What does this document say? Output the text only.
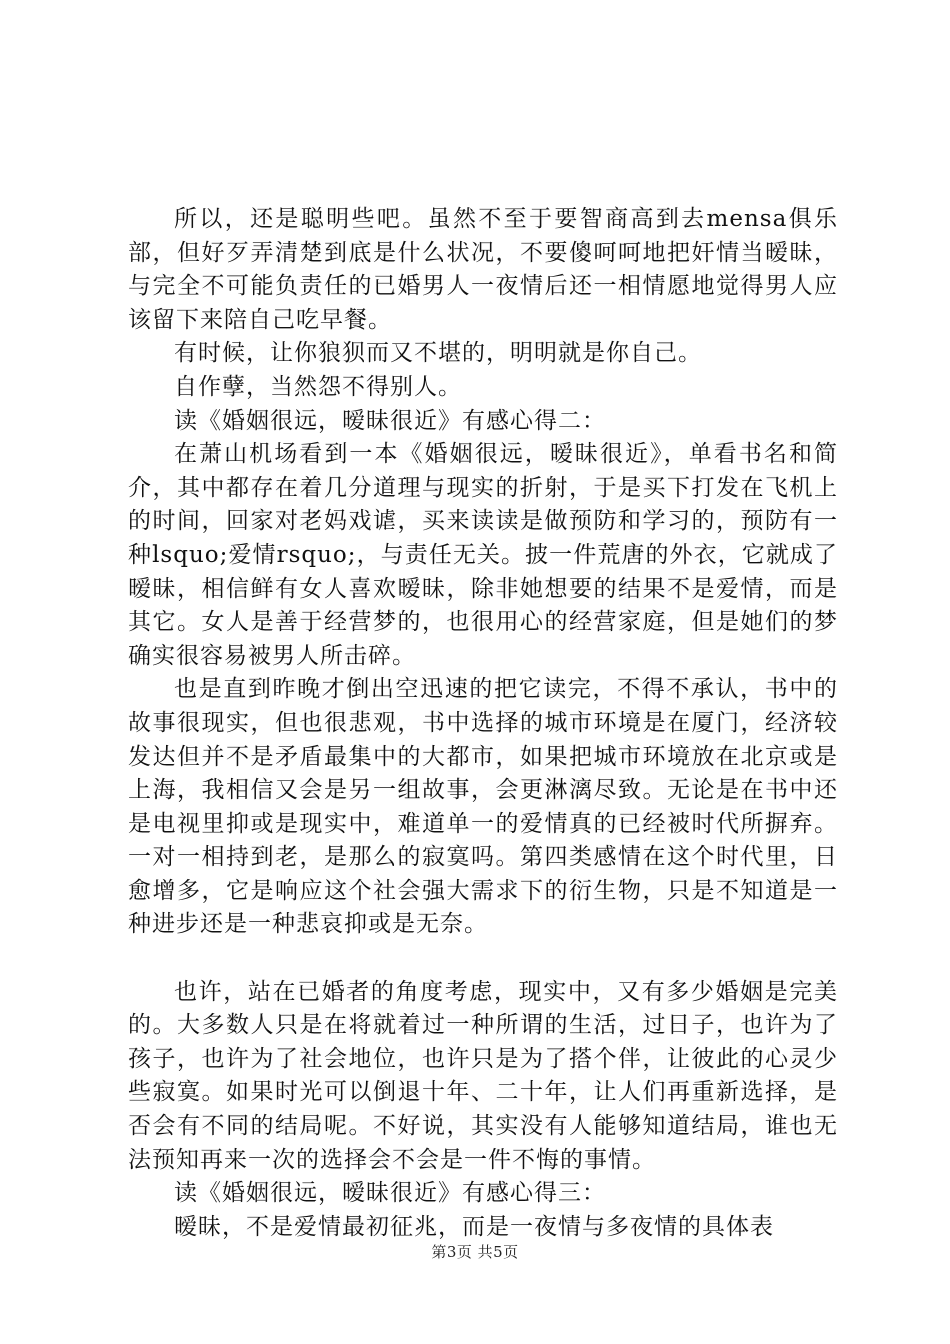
所以，还是聪明些吧。虽然不至于要智商高到去mensa俱乐部，但好歹弄清楚到底是什么状况，不要傻呵呵地把奸情当暧昧，与完全不可能负责任的已婚男人一夜情后还一相情愿地觉得男人应该留下来陪自己吃早餐。

有时候，让你狼狈而又不堪的，明明就是你自己。

自作孽，当然怨不得别人。

读《婚姻很远，暧昧很近》有感心得二：

在萧山机场看到一本《婚姻很远，暧昧很近》，单看书名和简介，其中都存在着几分道理与现实的折射，于是买下打发在飞机上的时间，回家对老妈戏谑，买来读读是做预防和学习的，预防有一种lsquo;爱情rsquo;，与责任无关。披一件荒唐的外衣，它就成了暧昧，相信鲜有女人喜欢暧昧，除非她想要的结果不是爱情，而是其它。女人是善于经营梦的，也很用心的经营家庭，但是她们的梦确实很容易被男人所击碎。

也是直到昨晚才倒出空迅速的把它读完，不得不承认，书中的故事很现实，但也很悲观，书中选择的城市环境是在厦门，经济较发达但并不是矛盾最集中的大都市，如果把城市环境放在北京或是上海，我相信又会是另一组故事，会更淋漓尽致。无论是在书中还是电视里抑或是现实中，难道单一的爱情真的已经被时代所摒弃。一对一相持到老，是那么的寂寞吗。第四类感情在这个时代里，日愈增多，它是响应这个社会强大需求下的衍生物，只是不知道是一种进步还是一种悲哀抑或是无奈。

也许，站在已婚者的角度考虑，现实中，又有多少婚姻是完美的。大多数人只是在将就着过一种所谓的生活，过日子，也许为了孩子，也许为了社会地位，也许只是为了搭个伴，让彼此的心灵少些寂寞。如果时光可以倒退十年、二十年，让人们再重新选择，是否会有不同的结局呢。不好说，其实没有人能够知道结局，谁也无法预知再来一次的选择会不会是一件不悔的事情。

读《婚姻很远，暧昧很近》有感心得三：

暧昧，不是爱情最初征兆，而是一夜情与多夜情的具体表

第3页 共5页
